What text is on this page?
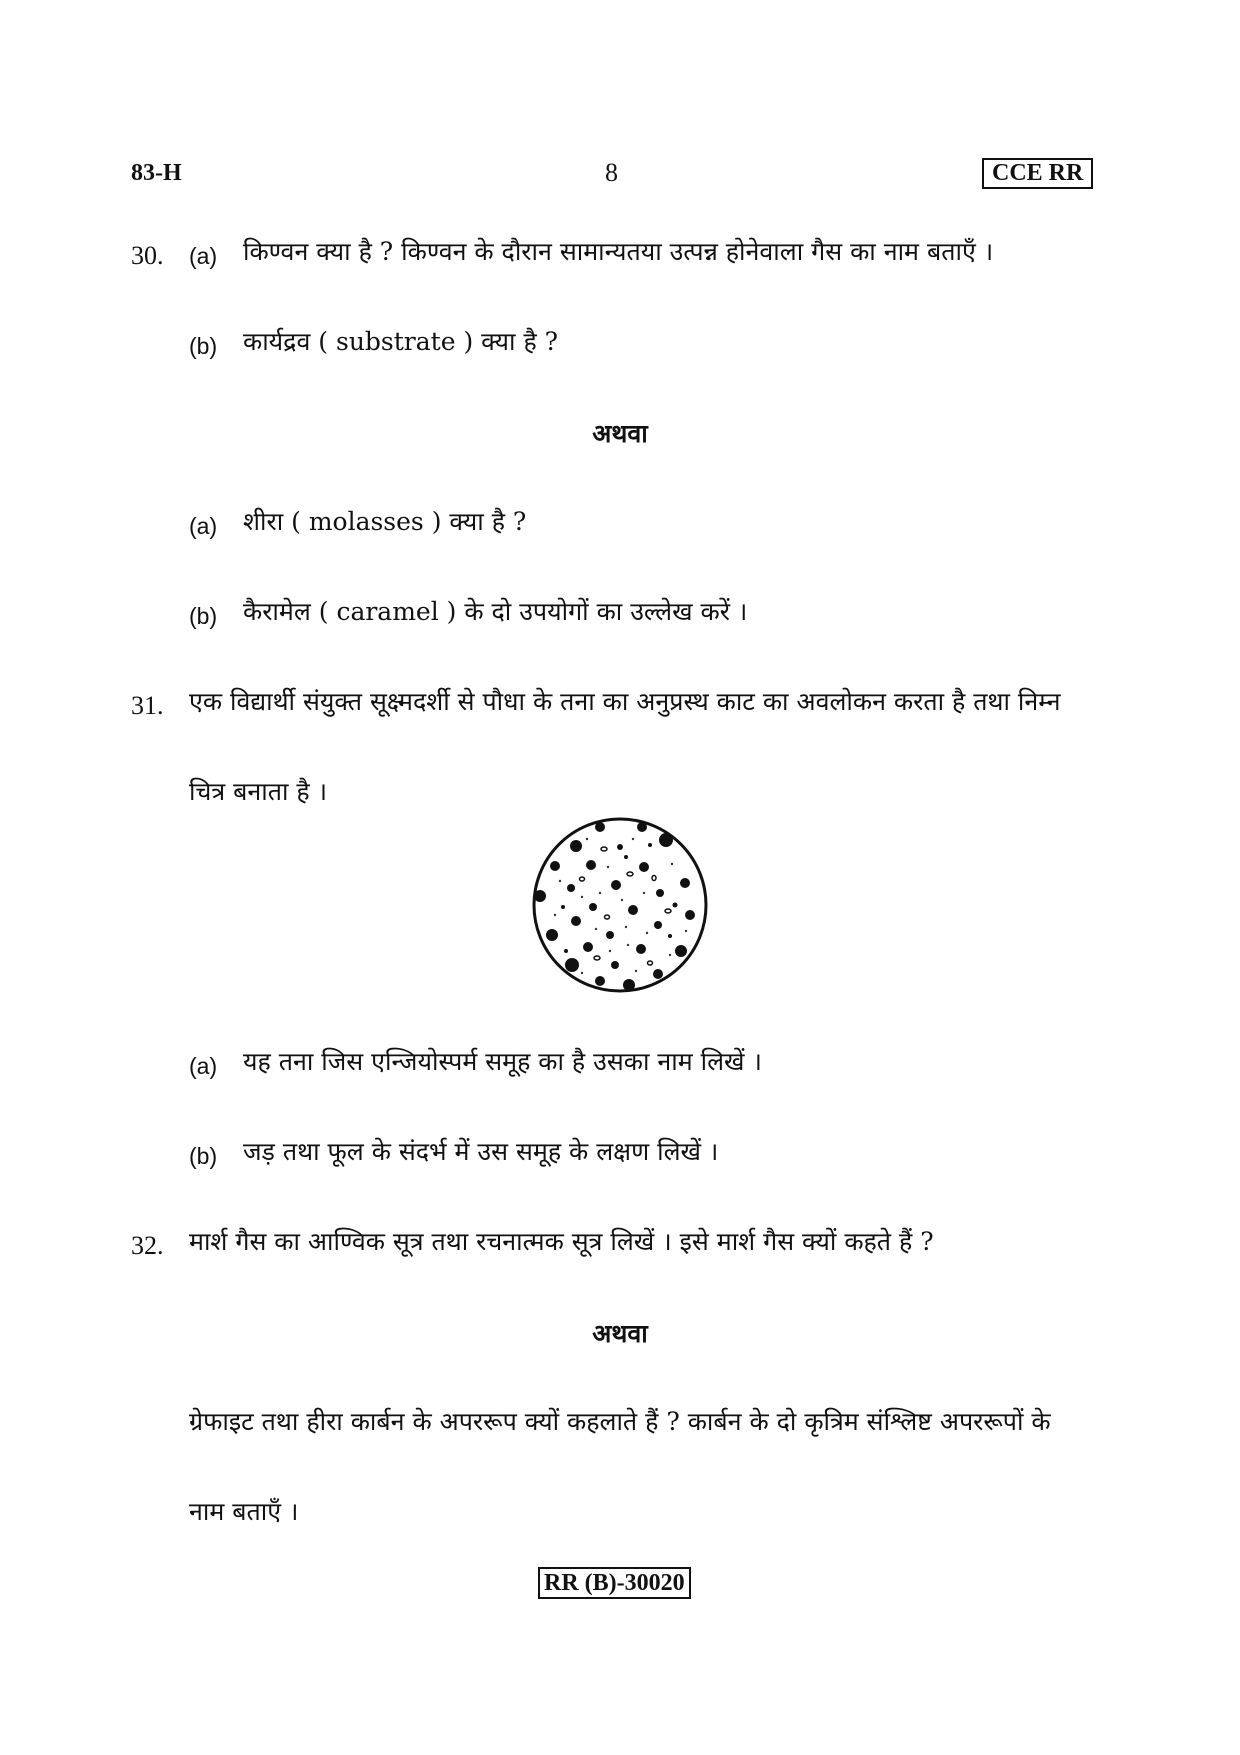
83-H	8	CCE RR
30. (a) किण्वन क्या है ? किण्वन के दौरान सामान्यतया उत्पन्न होनेवाला गैस का नाम बताएँ ।
(b) कार्यद्रव ( substrate ) क्या है ?
अथवा
(a) शीरा ( molasses ) क्या है ?
(b) कैरामेल ( caramel ) के दो उपयोगों का उल्लेख करें ।
31. एक विद्यार्थी संयुक्त सूक्ष्मदर्शी से पौधा के तना का अनुप्रस्थ काट का अवलोकन करता है तथा निम्न
चित्र बनाता है ।
(a) यह तना जिस एन्जियोस्पर्म समूह का है उसका नाम लिखें ।
(b) जड़ तथा फूल के संदर्भ में उस समूह के लक्षण लिखें ।
32. मार्श गैस का आण्विक सूत्र तथा रचनात्मक सूत्र लिखें । इसे मार्श गैस क्यों कहते हैं ?
अथवा
ग्रेफाइट तथा हीरा कार्बन के अपररूप क्यों कहलाते हैं ? कार्बन के दो कृत्रिम संश्लिष्ट अपररूपों के
नाम बताएँ ।
RR (B)-30020
